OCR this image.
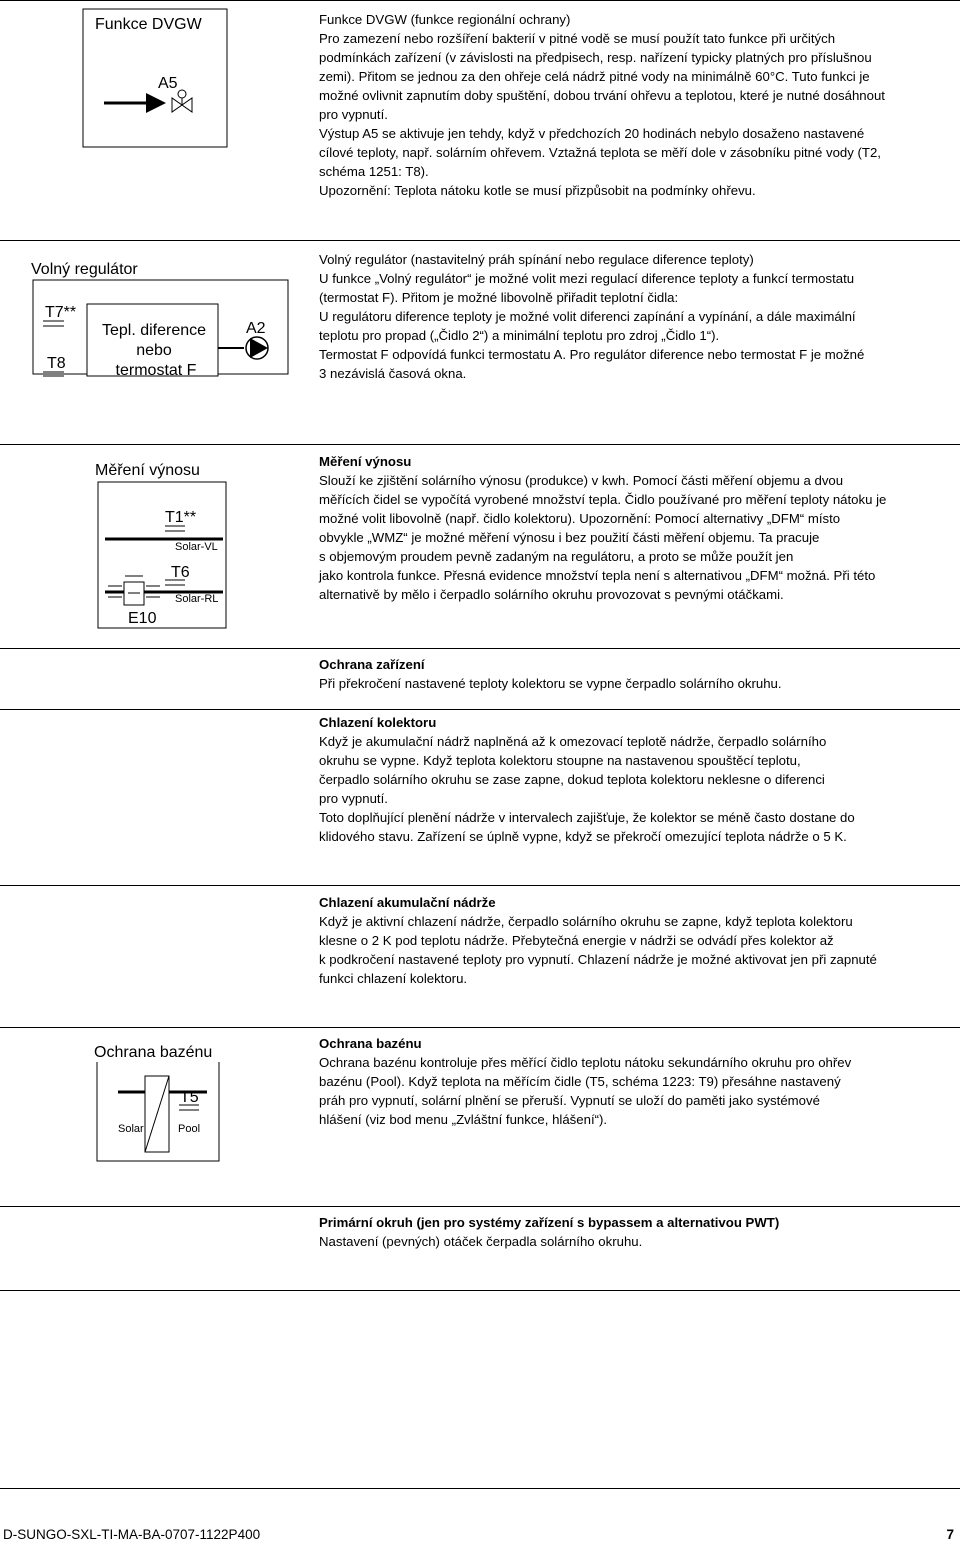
Funkce DVGW
A5
Funkce DVGW (funkce regionální ochrany)
Pro zamezení nebo rozšíření bakterií v pitné vodě se musí použít tato funkce při určitých
podmínkách zařízení (v závislosti na předpisech, resp. nařízení typicky platných pro příslušnou
zemi). Přitom se jednou za den ohřeje celá nádrž pitné vody na minimálně 60°C. Tuto funkci je
možné ovlivnit zapnutím doby spuštění, dobou trvání ohřevu a teplotou, které je nutné dosáhnout
pro vypnutí.
Výstup A5 se aktivuje jen tehdy, když v předchozích 20 hodinách nebylo dosaženo nastavené
cílové teploty, např. solárním ohřevem. Vztažná teplota se měří dole v zásobníku pitné vody (T2,
schéma 1251: T8).
Upozornění: Teplota nátoku kotle se musí přizpůsobit na podmínky ohřevu.
Volný regulátor
T7**
T8
Tepl. diference
nebo
termostat F
A2
Volný regulátor (nastavitelný práh spínání nebo regulace diference teploty)
U funkce „Volný regulátor“ je možné volit mezi regulací diference teploty a funkcí termostatu
(termostat F). Přitom je možné libovolně přiřadit teplotní čidla:
U regulátoru diference teploty je možné volit diferenci zapínání a vypínání, a dále maximální
teplotu pro propad („Čidlo 2“) a minimální teplotu pro zdroj „Čidlo 1“).
Termostat F odpovídá funkci termostatu A. Pro regulátor diference nebo termostat F je možné
3 nezávislá časová okna.
Měření výnosu
T1**
Solar-VL
T6
Solar-RL
E10
Měření výnosu
Slouží ke zjištění solárního výnosu (produkce) v kwh. Pomocí části měření objemu a dvou
měřících čidel se vypočítá vyrobené množství tepla. Čidlo používané pro měření teploty nátoku je
možné volit libovolně (např. čidlo kolektoru). Upozornění: Pomocí alternativy „DFM“ místo
obvykle „WMZ“ je možné měření výnosu i bez použití části měření objemu. Ta pracuje
s objemovým proudem pevně zadaným na regulátoru, a proto se může použít jen
jako kontrola funkce. Přesná evidence množství tepla není s alternativou „DFM“ možná. Při této
alternativě by mělo i čerpadlo solárního okruhu provozovat s pevnými otáčkami.
Ochrana zařízení
Při překročení nastavené teploty kolektoru se vypne čerpadlo solárního okruhu.
Chlazení kolektoru
Když je akumulační nádrž naplněná až k omezovací teplotě nádrže, čerpadlo solárního
okruhu se vypne. Když teplota kolektoru stoupne na nastavenou spouštěcí teplotu,
čerpadlo solárního okruhu se zase zapne, dokud teplota kolektoru neklesne o diferenci
pro vypnutí.
Toto doplňující plenění nádrže v intervalech zajišťuje, že kolektor se méně často dostane do
klidového stavu. Zařízení se úplně vypne, když se překročí omezující teplota nádrže o 5 K.
Chlazení akumulační nádrže
Když je aktivní chlazení nádrže, čerpadlo solárního okruhu se zapne, když teplota kolektoru
klesne o 2 K pod teplotu nádrže. Přebytečná energie v nádrži se odvádí přes kolektor až
k podkročení nastavené teploty pro vypnutí. Chlazení nádrže je možné aktivovat jen při zapnuté
funkci chlazení kolektoru.
Ochrana bazénu
T5
Solar	Pool
Ochrana bazénu
Ochrana bazénu kontroluje přes měřící čidlo teplotu nátoku sekundárního okruhu pro ohřev
bazénu (Pool). Když teplota na měřícím čidle (T5, schéma 1223: T9) přesáhne nastavený
práh pro vypnutí, solární plnění se přeruší. Vypnutí se uloží do paměti jako systémové
hlášení (viz bod menu „Zvláštní funkce, hlášení“).
Primární okruh (jen pro systémy zařízení s bypassem a alternativou PWT)
Nastavení (pevných) otáček čerpadla solárního okruhu.
D-SUNGO-SXL-TI-MA-BA-0707-1122P400	7
